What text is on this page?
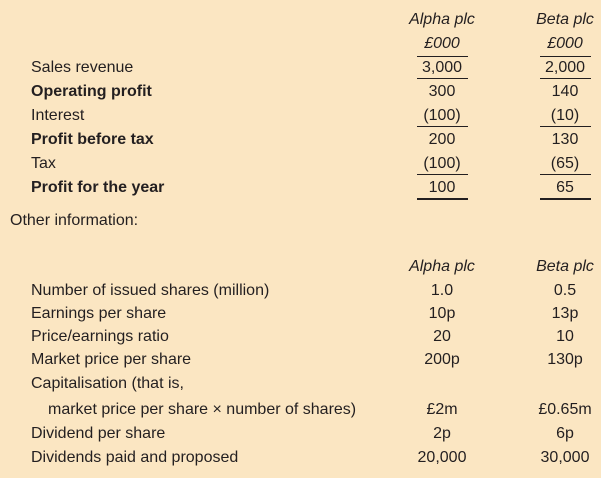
Alpha plc	Beta plc
£000	£000
Sales revenue	3,000	2,000
Operating profit	300	140
Interest	(100)	(10)
Profit before tax	200	130
Tax	(100)	(65)
Profit for the year	100	65
Other information:
Alpha plc	Beta plc
Number of issued shares (million)	1.0	0.5
Earnings per share	10p	13p
Price/earnings ratio	20	10
Market price per share	200p	130p
Capitalisation (that is,
market price per share × number of shares)	£2m	£0.65m
Dividend per share	2p	6p
Dividends paid and proposed	20,000	30,000
